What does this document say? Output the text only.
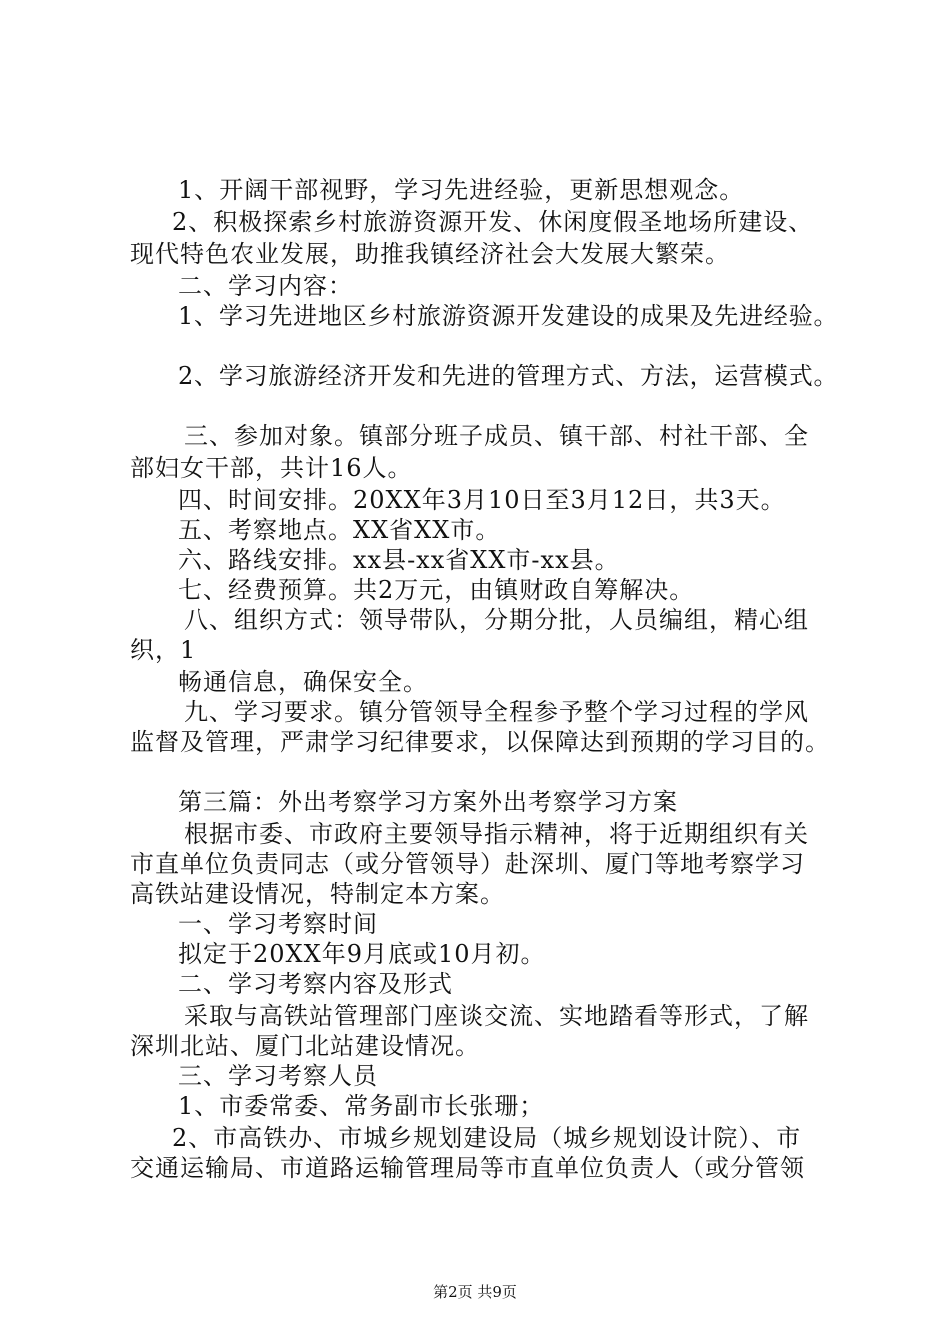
1、开阔干部视野，学习先进经验，更新思想观念。
2、积极探索乡村旅游资源开发、休闲度假圣地场所建设、
现代特色农业发展，助推我镇经济社会大发展大繁荣。
二、学习内容：
1、学习先进地区乡村旅游资源开发建设的成果及先进经验。
2、学习旅游经济开发和先进的管理方式、方法，运营模式。
三、参加对象。镇部分班子成员、镇干部、村社干部、全
部妇女干部，共计16人。
四、时间安排。20XX年3月10日至3月12日，共3天。
五、考察地点。XX省XX市。
六、路线安排。xx县-xx省XX市-xx县。
七、经费预算。共2万元，由镇财政自筹解决。
八、组织方式：领导带队，分期分批，人员编组，精心组
织，1
畅通信息，确保安全。
九、学习要求。镇分管领导全程参予整个学习过程的学风
监督及管理，严肃学习纪律要求，以保障达到预期的学习目的。
第三篇：外出考察学习方案外出考察学习方案
根据市委、市政府主要领导指示精神，将于近期组织有关
市直单位负责同志（或分管领导）赴深圳、厦门等地考察学习
高铁站建设情况，特制定本方案。
一、学习考察时间
拟定于20XX年9月底或10月初。
二、学习考察内容及形式
采取与高铁站管理部门座谈交流、实地踏看等形式，了解
深圳北站、厦门北站建设情况。
三、学习考察人员
1、市委常委、常务副市长张珊；
2、市高铁办、市城乡规划建设局（城乡规划设计院）、市
交通运输局、市道路运输管理局等市直单位负责人（或分管领
第2页 共9页
